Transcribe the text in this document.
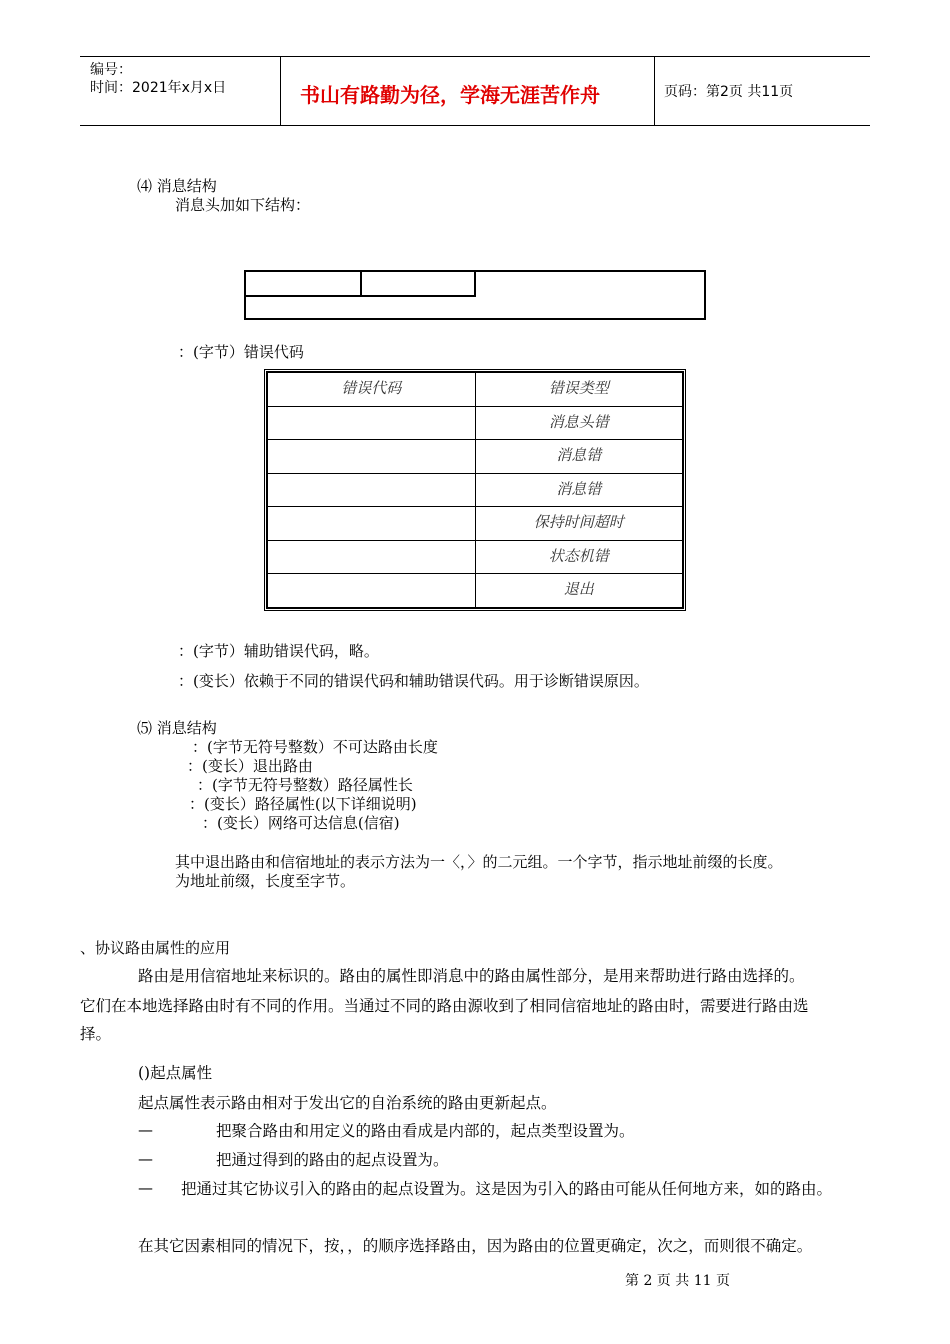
编号：
时间：2021年x月x日	书山有路勤为径，学海无涯苦作舟	页码：第2页 共11页
⑷ 消息结构
消息头加如下结构：
：(字节）错误代码
错误代码	错误类型
	消息头错
	消息错
	消息错
	保持时间超时
	状态机错
	退出
：(字节）辅助错误代码，略。
：(变长）依赖于不同的错误代码和辅助错误代码。用于诊断错误原因。
⑸ 消息结构
：(字节无符号整数）不可达路由长度
：(变长）退出路由
：(字节无符号整数）路径属性长
：(变长）路径属性(以下详细说明)
：(变长）网络可达信息(信宿)
其中退出路由和信宿地址的表示方法为一〈，〉的二元组。一个字节，指示地址前缀的长度。
为地址前缀，长度至字节。
、协议路由属性的应用
路由是用信宿地址来标识的。路由的属性即消息中的路由属性部分，是用来帮助进行路由选择的。
它们在本地选择路由时有不同的作用。当通过不同的路由源收到了相同信宿地址的路由时，需要进行路由选
择。
()起点属性
起点属性表示路由相对于发出它的自治系统的路由更新起点。
—	把聚合路由和用定义的路由看成是内部的，起点类型设置为。
—	把通过得到的路由的起点设置为。
— 把通过其它协议引入的路由的起点设置为。这是因为引入的路由可能从任何地方来，如的路由。
在其它因素相同的情况下，按，，的顺序选择路由，因为路由的位置更确定，次之，而则很不确定。
第 2 页 共 11 页
